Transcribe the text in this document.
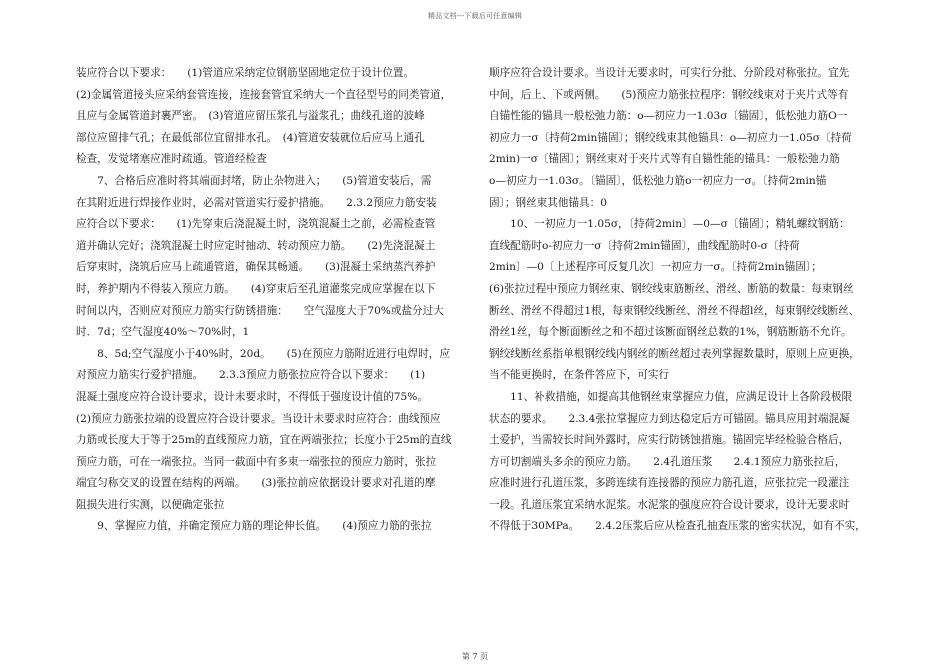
精品文档---下载后可任意编辑
装应符合以下要求：　　(1)管道应采纳定位钢筋坚固地定位于设计位置。
(2)金属管道接头应采纳套管连接，连接套管宜采纳大一个直径型号的同类管道，
且应与金属管道封裹严密。　(3)管道应留压浆孔与溢浆孔；曲线孔道的波峰
部位应留排气孔；在最低部位宜留排水孔。　(4)管道安装就位后应马上通孔
检查，发觉堵塞应准时疏通。管道经检查
　　7、合格后应准时将其端面封堵，防止杂物进入；　　(5)管道安装后，需
在其附近进行焊接作业时，必需对管道实行爱护措施。　　2.3.2预应力筋安装
应符合以下要求：　　(1)先穿束后浇混凝土时，浇筑混凝土之前，必需检查管
道并确认完好；浇筑混凝土时应定时抽动、转动预应力筋。　　(2)先浇混凝土
后穿束时，浇筑后应马上疏通管道，确保其畅通。　　(3)混凝土采纳蒸汽养护
时，养护期内不得装入预应力筋。　　(4)穿束后至孔道灌浆完成应掌握在以下
时间以内，否则应对预应力筋实行防锈措施：　　空气湿度大于70%或盐分过大
时．7d；空气湿度40%～70%时，1
　　8、5d;空气湿度小于40%时，20d。　　(5)在预应力筋附近进行电焊时，应
对预应力筋实行爱护措施。　　2.3.3预应力筋张拉应符合以下要求：　　(1)
混凝土强度应符合设计要求，设计未要求时，不得低于强度设计值的75%。
(2)预应力筋张拉端的设置应符合设计要求。当设计未要求时应符合：曲线预应
力筋或长度大于等于25m的直线预应力筋，宜在两端张拉；长度小于25m的直线
预应力筋，可在一端张拉。当同一截面中有多束一端张拉的预应力筋时，张拉
端宜匀称交叉的设置在结构的两端。　　(3)张拉前应依据设计要求对孔道的摩
阻损失进行实测，以便确定张拉
　　9、掌握应力值，并确定预应力筋的理论伸长值。　　(4)预应力筋的张拉
顺序应符合设计要求。当设计无要求时，可实行分批、分阶段对称张拉。宜先
中间，后上、下或两侧。　　(5)预应力筋张拉程序：钢绞线束对于夹片式等有
自锚性能的锚具一般松弛力筋：o—初应力一1.03σ〔锚固〕，低松弛力筋O一
初应力一σ〔持荷2min锚固〕；钢绞线束其他锚具：o—初应力一1.05σ〔持荷
2min)一σ〔锚固〕；钢丝束对于夹片式等有自锚性能的锚具：一般松弛力筋
o—初应力一1.03σ。〔锚固〕，低松弛力筋o一初应力一σ。〔持荷2min锚
固〕；钢丝束其他锚具：0
　　10、一初应力一1.05σ，〔持荷2min〕—0—σ〔锚固〕；精轧螺纹钢筋：
直线配筋时o-初应力一σ〔持荷2min锚固〕，曲线配筋时0-σ〔持荷
2min〕—0〔上述程序可反复几次〕一初应力一σ。〔持荷2min锚固〕；
(6)张拉过程中预应力钢丝束、钢绞线束筋断丝、滑丝、断筋的数量：每束钢丝
断丝、滑丝不得超过1根，每束钢绞线断丝、滑丝不得超l丝，每束钢绞线断丝、
滑丝1丝，每个断面断丝之和不超过该断面钢丝总数的1%，钢筋断筋不允许。
钢绞线断丝系指单根钢绞线内钢丝的断丝超过表列掌握数量时，原则上应更换，
当不能更换时，在条件答应下，可实行
　　11、补救措施，如提高其他钢丝束掌握应力值，应满足设计上各阶段极限
状态的要求。　　2.3.4张拉掌握应力到达稳定后方可锚固。锚具应用封端混凝
土爱护，当需较长时间外露时，应实行防锈蚀措施。锚固完毕经检验合格后，
方可切割端头多余的预应力筋。　　2.4孔道压浆　　2.4.1预应力筋张拉后，
应准时进行孔道压浆，多跨连续有连接器的预应力筋孔道，应张拉完一段灌注
一段。孔道压浆宜采纳水泥浆。水泥浆的强度应符合设计要求，设计无要求时
不得低于30MPa。　　2.4.2压浆后应从检查孔抽查压浆的密实状况，如有不实，
第 7 页
